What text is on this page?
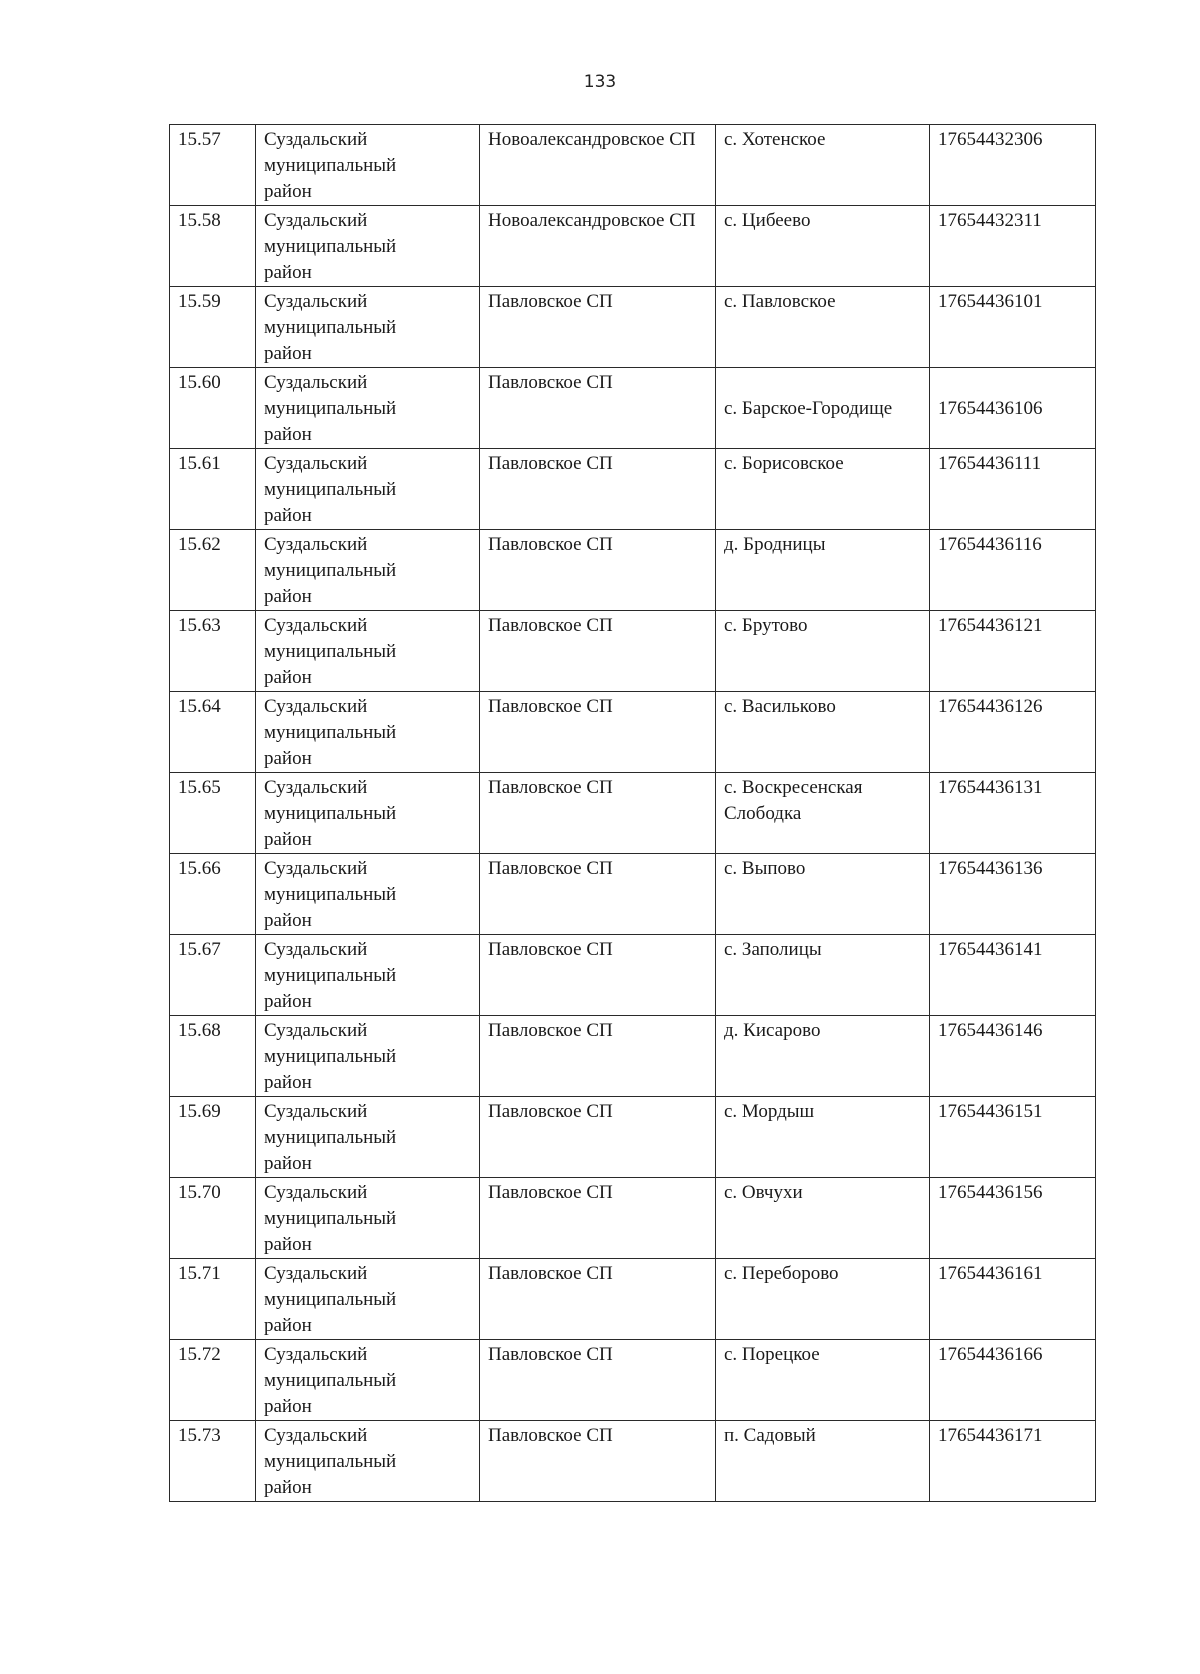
133
15.57	Суздальский
муниципальный
район	Новоалександровское СП	с. Хотенское	17654432306
15.58	Суздальский
муниципальный
район	Новоалександровское СП	с. Цибеево	17654432311
15.59	Суздальский
муниципальный
район	Павловское СП	с. Павловское	17654436101
15.60	Суздальский
муниципальный
район	Павловское СП	с. Барское-Городище	17654436106
15.61	Суздальский
муниципальный
район	Павловское СП	с. Борисовское	17654436111
15.62	Суздальский
муниципальный
район	Павловское СП	д. Бродницы	17654436116
15.63	Суздальский
муниципальный
район	Павловское СП	с. Брутово	17654436121
15.64	Суздальский
муниципальный
район	Павловское СП	с. Васильково	17654436126
15.65	Суздальский
муниципальный
район	Павловское СП	с. Воскресенская Слободка	17654436131
15.66	Суздальский
муниципальный
район	Павловское СП	с. Выпово	17654436136
15.67	Суздальский
муниципальный
район	Павловское СП	с. Заполицы	17654436141
15.68	Суздальский
муниципальный
район	Павловское СП	д. Кисарово	17654436146
15.69	Суздальский
муниципальный
район	Павловское СП	с. Мордыш	17654436151
15.70	Суздальский
муниципальный
район	Павловское СП	с. Овчухи	17654436156
15.71	Суздальский
муниципальный
район	Павловское СП	с. Переборово	17654436161
15.72	Суздальский
муниципальный
район	Павловское СП	с. Порецкое	17654436166
15.73	Суздальский
муниципальный
район	Павловское СП	п. Садовый	17654436171
